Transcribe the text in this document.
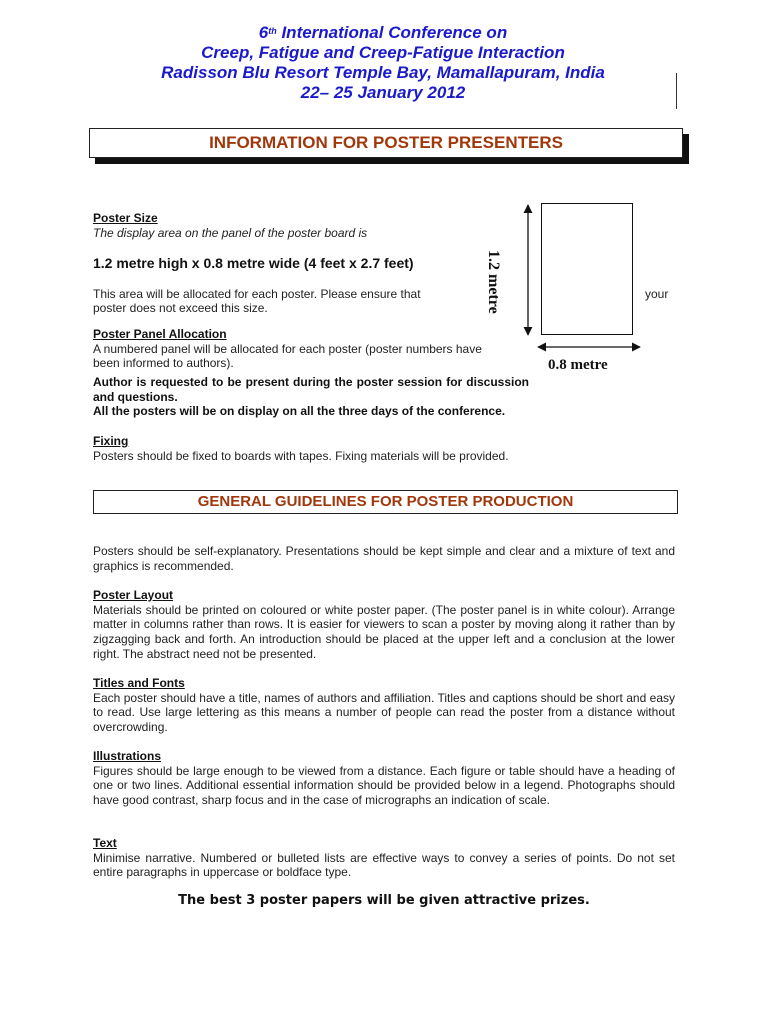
6th International Conference on
Creep, Fatigue and Creep-Fatigue Interaction
Radisson Blu Resort Temple Bay, Mamallapuram, India
22– 25 January 2012
INFORMATION FOR POSTER PRESENTERS
Poster Size
The display area on the panel of the poster board is
1.2 metre high x 0.8 metre wide (4 feet x 2.7 feet)
This area will be allocated for each poster. Please ensure that	your
poster does not exceed this size.
Poster Panel Allocation
A numbered panel will be allocated for each poster (poster numbers have been informed to authors).
Author is requested to be present during the poster session for discussion and questions.
All the posters will be on display on all the three days of the conference.
Fixing
Posters should be fixed to boards with tapes. Fixing materials will be provided.
1.2 metre
0.8 metre
GENERAL GUIDELINES FOR POSTER PRODUCTION
Posters should be self-explanatory. Presentations should be kept simple and clear and a mixture of text and graphics is recommended.
Poster Layout
Materials should be printed on coloured or white poster paper. (The poster panel is in white colour). Arrange matter in columns rather than rows. It is easier for viewers to scan a poster by moving along it rather than by zigzagging back and forth. An introduction should be placed at the upper left and a conclusion at the lower right. The abstract need not be presented.
Titles and Fonts
Each poster should have a title, names of authors and affiliation. Titles and captions should be short and easy to read. Use large lettering as this means a number of people can read the poster from a distance without overcrowding.
Illustrations
Figures should be large enough to be viewed from a distance. Each figure or table should have a heading of one or two lines. Additional essential information should be provided below in a legend. Photographs should have good contrast, sharp focus and in the case of micrographs an indication of scale.
Text
Minimise narrative. Numbered or bulleted lists are effective ways to convey a series of points. Do not set entire paragraphs in uppercase or boldface type.
The best 3 poster papers will be given attractive prizes.
